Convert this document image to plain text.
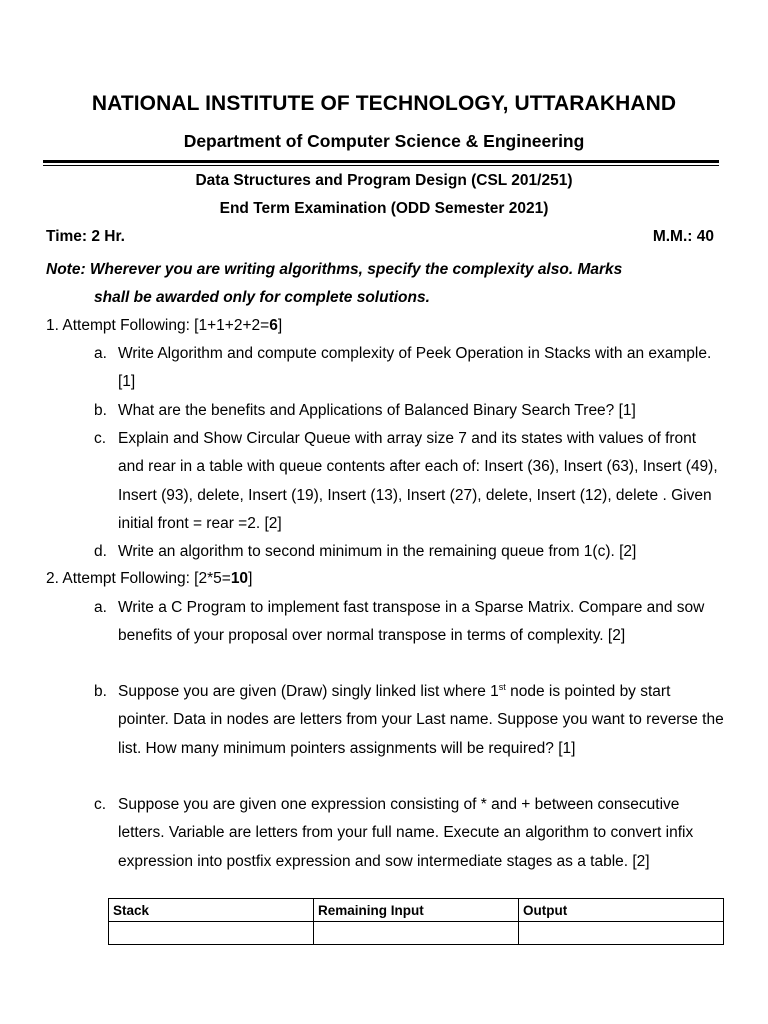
NATIONAL INSTITUTE OF TECHNOLOGY, UTTARAKHAND
Department of Computer Science & Engineering
Data Structures and Program Design (CSL 201/251)
End Term Examination (ODD Semester 2021)
Time: 2 Hr.	M.M.: 40
Note: Wherever you are writing algorithms, specify the complexity also. Marks
shall be awarded only for complete solutions.
1. Attempt Following: [1+1+2+2=6]
a. Write Algorithm and compute complexity of Peek Operation in Stacks with an example. [1]
b. What are the benefits and Applications of Balanced Binary Search Tree? [1]
c. Explain and Show Circular Queue with array size 7 and its states with values of front and rear in a table with queue contents after each of: Insert (36), Insert (63), Insert (49), Insert (93), delete, Insert (19), Insert (13), Insert (27), delete, Insert (12), delete . Given initial front = rear =2. [2]
d. Write an algorithm to second minimum in the remaining queue from 1(c). [2]
2. Attempt Following: [2*5=10]
a. Write a C Program to implement fast transpose in a Sparse Matrix. Compare and sow benefits of your proposal over normal transpose in terms of complexity. [2]
b. Suppose you are given (Draw) singly linked list where 1st node is pointed by start pointer. Data in nodes are letters from your Last name. Suppose you want to reverse the list. How many minimum pointers assignments will be required? [1]
c. Suppose you are given one expression consisting of * and + between consecutive letters. Variable are letters from your full name. Execute an algorithm to convert infix expression into postfix expression and sow intermediate stages as a table. [2]
Stack	Remaining Input	Output
